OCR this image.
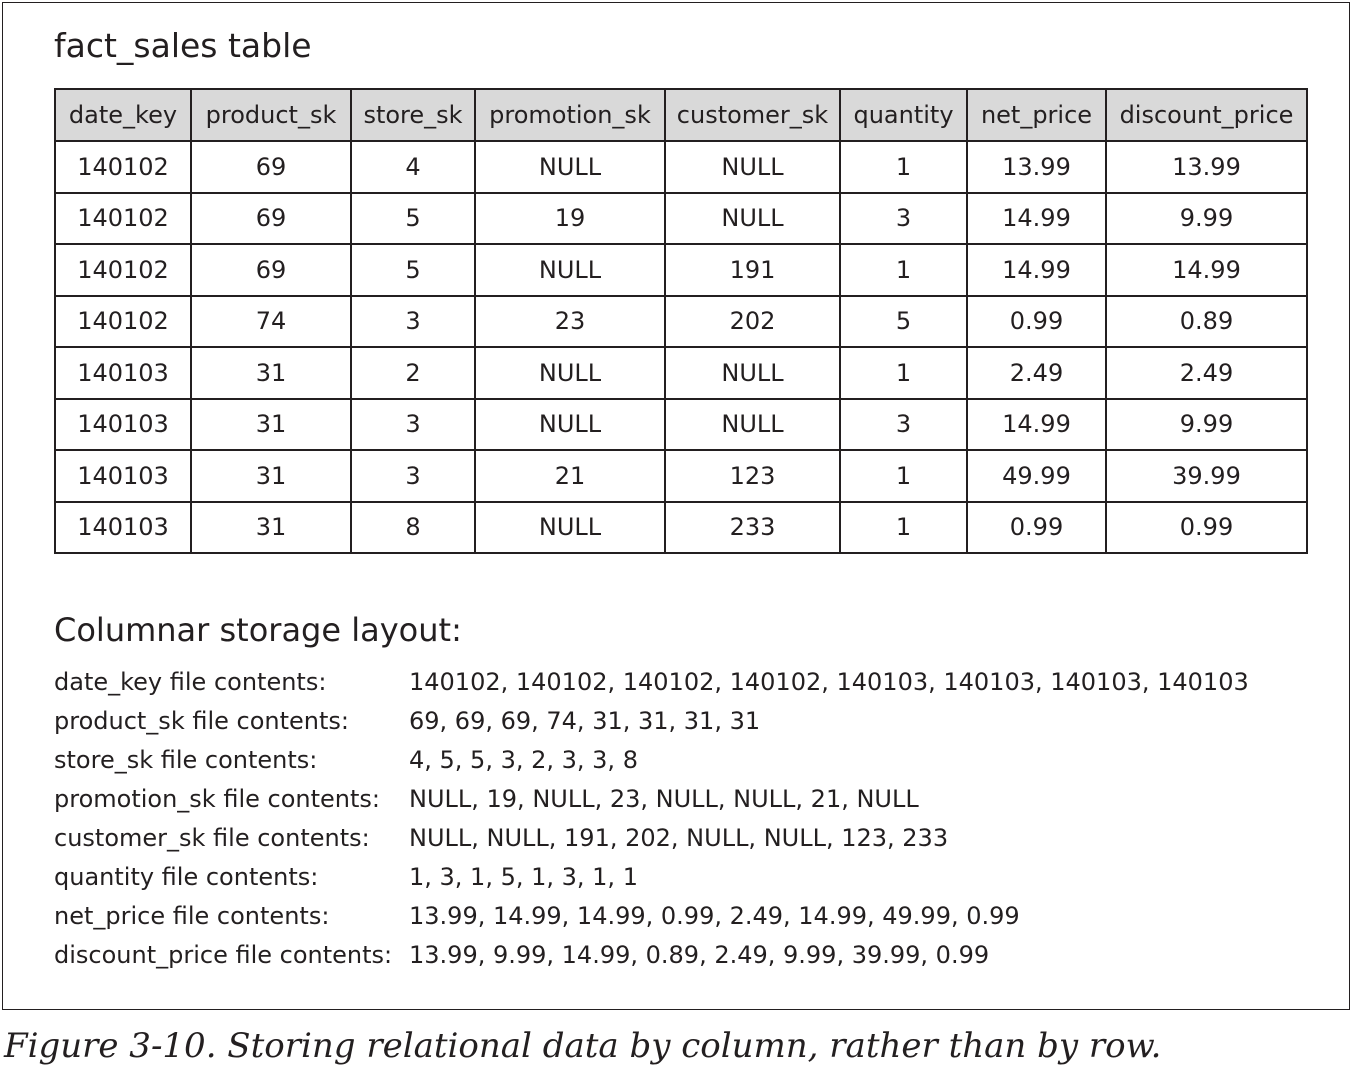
fact_sales table
date_key	product_sk	store_sk	promotion_sk	customer_sk	quantity	net_price	discount_price
140102	69	4	NULL	NULL	1	13.99	13.99
140102	69	5	19	NULL	3	14.99	9.99
140102	69	5	NULL	191	1	14.99	14.99
140102	74	3	23	202	5	0.99	0.89
140103	31	2	NULL	NULL	1	2.49	2.49
140103	31	3	NULL	NULL	3	14.99	9.99
140103	31	3	21	123	1	49.99	39.99
140103	31	8	NULL	233	1	0.99	0.99
Columnar storage layout:
date_key file contents:	140102, 140102, 140102, 140102, 140103, 140103, 140103, 140103
product_sk file contents:	69, 69, 69, 74, 31, 31, 31, 31
store_sk file contents:	4, 5, 5, 3, 2, 3, 3, 8
promotion_sk file contents:	NULL, 19, NULL, 23, NULL, NULL, 21, NULL
customer_sk file contents:	NULL, NULL, 191, 202, NULL, NULL, 123, 233
quantity file contents:	1, 3, 1, 5, 1, 3, 1, 1
net_price file contents:	13.99, 14.99, 14.99, 0.99, 2.49, 14.99, 49.99, 0.99
discount_price file contents: 13.99, 9.99, 14.99, 0.89, 2.49, 9.99, 39.99, 0.99
Figure 3-10. Storing relational data by column, rather than by row.
